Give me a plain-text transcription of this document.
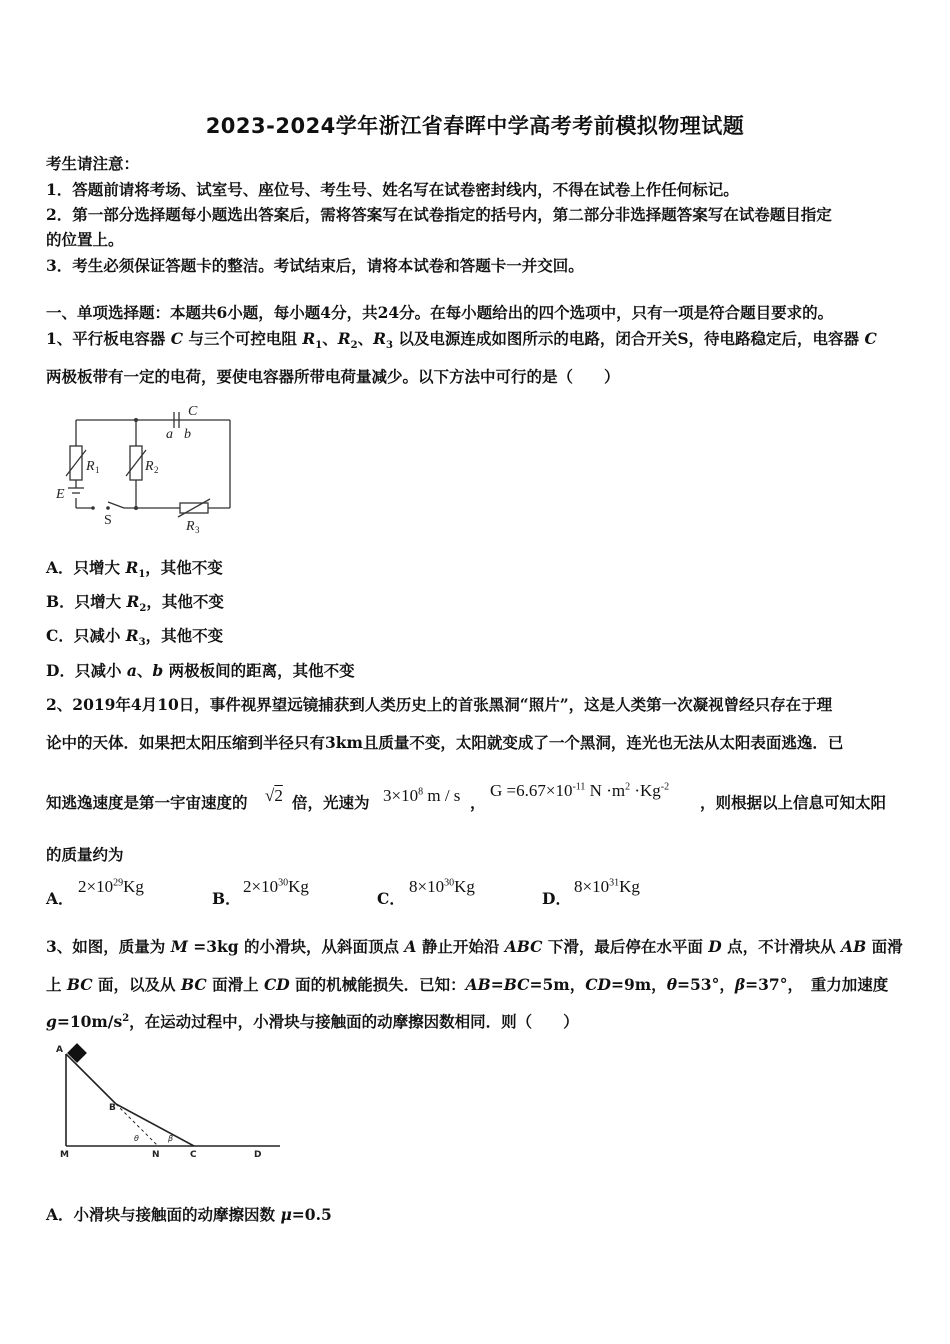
2023-2024学年浙江省春晖中学高考考前模拟物理试题
考生请注意：
1．答题前请将考场、试室号、座位号、考生号、姓名写在试卷密封线内，不得在试卷上作任何标记。
2．第一部分选择题每小题选出答案后，需将答案写在试卷指定的括号内，第二部分非选择题答案写在试卷题目指定
的位置上。
3．考生必须保证答题卡的整洁。考试结束后，请将本试卷和答题卡一并交回。
一、单项选择题：本题共6小题，每小题4分，共24分。在每小题给出的四个选项中，只有一项是符合题目要求的。
1、平行板电容器 C 与三个可控电阻 $R_1$、$R_2$、$R_3$ 以及电源连成如图所示的电路，闭合开关S，待电路稳定后，电容器 C
两极板带有一定的电荷，要使电容器所带电荷量减少。以下方法中可行的是（　　）
C
a b
R 1	R 2
R 3
E
S
A．只增大 $R_1$，其他不变
B．只增大 $R_2$，其他不变
C．只减小 $R_3$，其他不变
D．只减小 a、b 两极板间的距离，其他不变
2、2019年4月10日，事件视界望远镜捕获到人类历史上的首张黑洞“照片”，这是人类第一次凝视曾经只存在于理
论中的天体．如果把太阳压缩到半径只有3km且质量不变，太阳就变成了一个黑洞，连光也无法从太阳表面逃逸．已
知逃逸速度是第一宇宙速度的 √2 倍，光速为 $3\times 10^8$ m / s ，
$G =6.67\times 10^{-11}$ $N \cdot m^2 \cdot Kg^{-2}$
，则根据以上信息可知太阳
的质量约为
A．
$2\times 10^{29}Kg$
B．
$2\times 10^{30}Kg$
C．
$8\times 10^{30}Kg$
D．
$8\times 10^{31}Kg$
3、如图，质量为 M =3kg 的小滑块，从斜面顶点 A 静止开始沿 ABC 下滑，最后停在水平面 D 点，不计滑块从 AB 面滑
上 BC 面，以及从 BC 面滑上 CD 面的机械能损失．已知：AB=BC=5m，CD=9m，θ=53°，β=37°，　重力加速度
$g=10m/s^2$，在运动过程中，小滑块与接触面的动摩擦因数相同．则（　　）
A
B
M	N	C	D
θ	β
A．小滑块与接触面的动摩擦因数 μ=0.5
